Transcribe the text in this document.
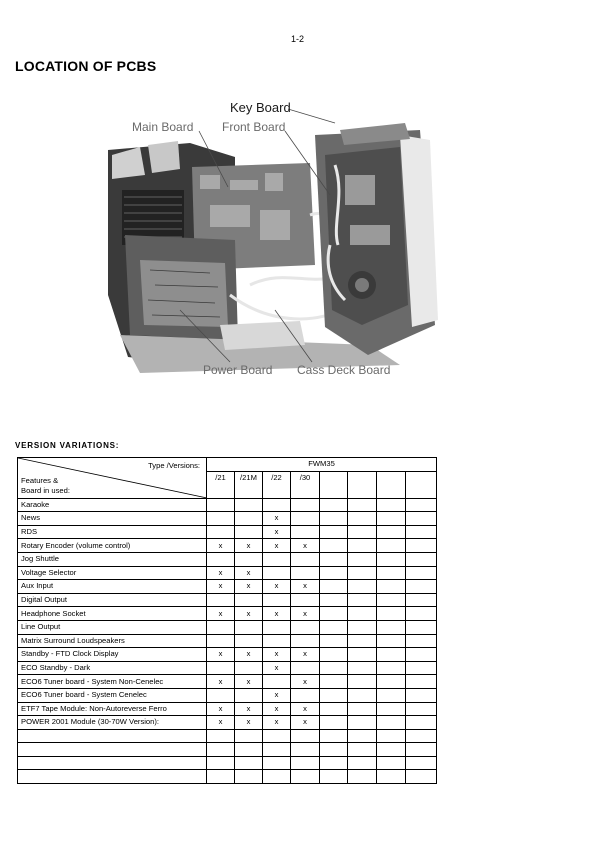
1-2
LOCATION OF PCBS
Key Board
Main Board Front Board
Power Board Cass Deck Board
VERSION VARIATIONS:
Type /Versions:
Features &
Board in used:	FWM35							
	/21	/21M	/22	/30				
Karaoke								
News			x					
RDS			x					
Rotary Encoder (volume control)	x	x	x	x				
Jog Shuttle								
Voltage Selector	x	x						
Aux Input	x	x	x	x				
Digital Output								
Headphone Socket	x	x	x	x				
Line Output								
Matrix Surround Loudspeakers								
Standby - FTD Clock Display	x	x	x	x				
ECO Standby - Dark			x					
ECO6 Tuner board - System Non-Cenelec	x	x		x				
ECO6 Tuner board - System Cenelec			x					
ETF7 Tape Module: Non-Autoreverse Ferro	x	x	x	x				
POWER 2001 Module (30-70W Version):	x	x	x	x				
